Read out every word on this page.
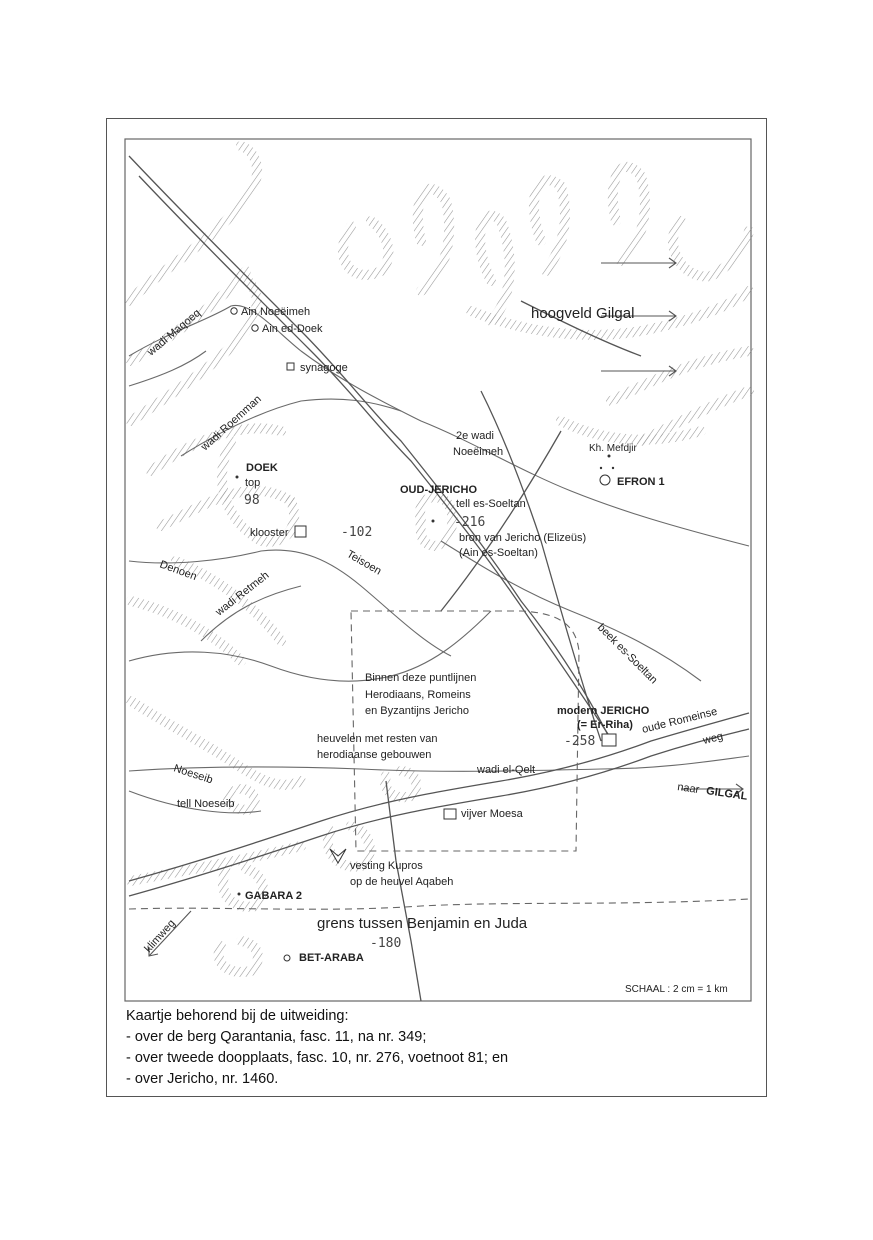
hoogveld Gilgal
grens tussen Benjamin en Juda
Binnen deze puntlijnen
Herodiaans, Romeins
en Byzantijns Jericho
heuvelen met resten van
herodiaanse gebouwen
wadi Maqoeq
wadi Roemman	2e wadi
Noeëimeh
Denoen wadi Retmeh
Teisoen
beek es-Soeltan
wadi el-Qelt
Noeseib
klimweg
Ain Noeëimeh
Ain ed-Doek
synagoge
DOEK
top
98
klooster	-102
OUD-JERICHO
tell es-Soeltan
-216
bron van Jericho (Elizeüs)
(Ain es-Soeltan)
Kh. Mefdjir
EFRON 1
modern JERICHO
(= Er-Riha)
-258
oude Romeinse
weg
naar GILGAL
tell Noeseib
vijver Moesa
vesting Kupros
op de heuvel Aqabeh
GABARA 2
BET-ARABA
-180
SCHAAL : 2 cm = 1 km
Kaartje behorend bij de uitweiding:
- over de berg Qarantania, fasc. 11, na nr. 349;
- over tweede doopplaats, fasc. 10, nr. 276, voetnoot 81; en
- over Jericho, nr. 1460.
